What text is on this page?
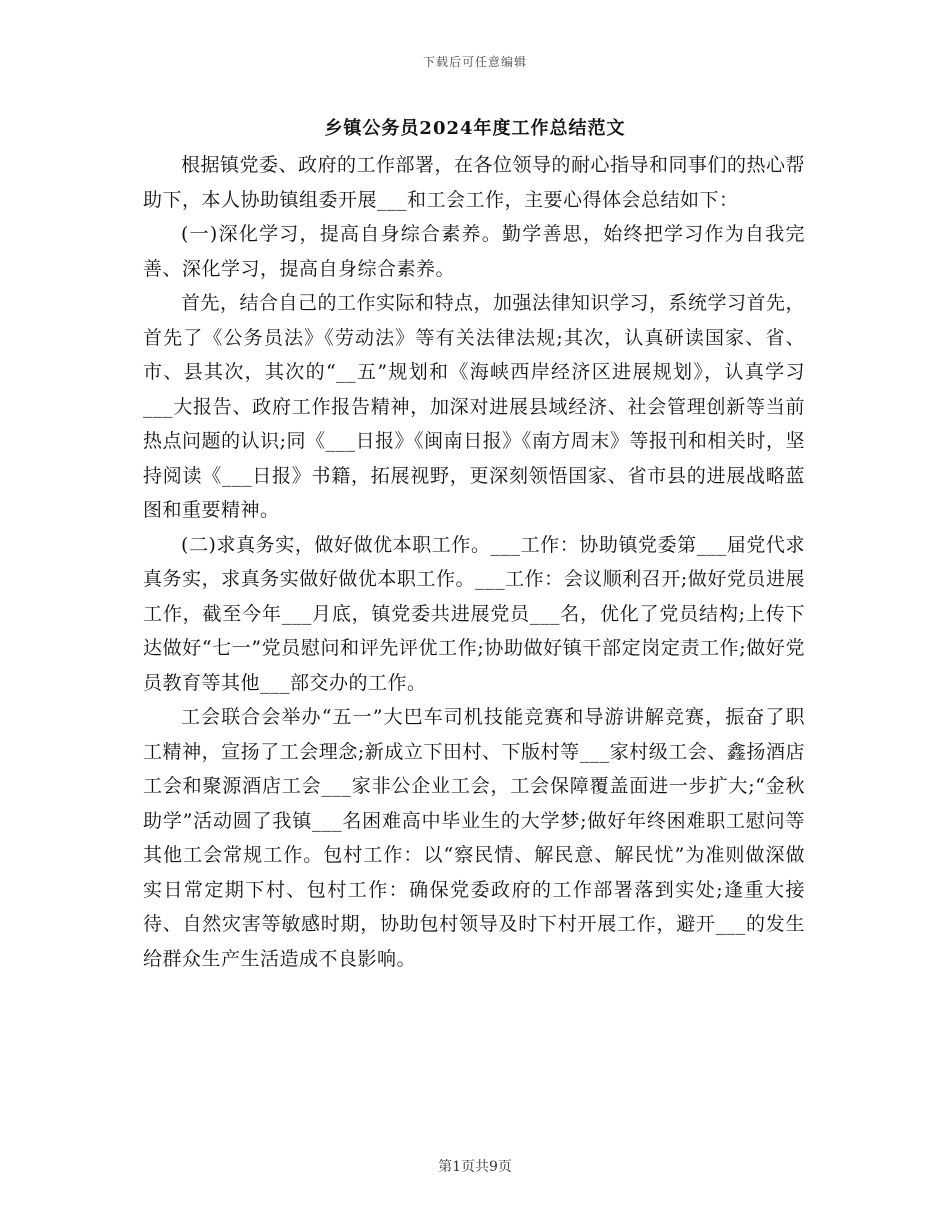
下载后可任意编辑
乡镇公务员2024年度工作总结范文

根据镇党委、政府的工作部署，在各位领导的耐心指导和同事们的热心帮助下，本人协助镇组委开展___和工会工作，主要心得体会总结如下：

(一)深化学习，提高自身综合素养。勤学善思，始终把学习作为自我完善、深化学习，提高自身综合素养。

首先，结合自己的工作实际和特点，加强法律知识学习，系统学习首先，首先了《公务员法》《劳动法》等有关法律法规;其次，认真研读国家、省、市、县其次，其次的“__五”规划和《海峡西岸经济区进展规划》，认真学习___大报告、政府工作报告精神，加深对进展县域经济、社会管理创新等当前热点问题的认识;同《___日报》《闽南日报》《南方周末》等报刊和相关时，坚持阅读《___日报》书籍，拓展视野，更深刻领悟国家、省市县的进展战略蓝图和重要精神。

(二)求真务实，做好做优本职工作。___工作：协助镇党委第___届党代求真务实，求真务实做好做优本职工作。___工作：会议顺利召开;做好党员进展工作，截至今年___月底，镇党委共进展党员___名，优化了党员结构;上传下达做好“七一”党员慰问和评先评优工作;协助做好镇干部定岗定责工作;做好党员教育等其他___部交办的工作。

工会联合会举办“五一”大巴车司机技能竞赛和导游讲解竞赛，振奋了职工精神，宣扬了工会理念;新成立下田村、下版村等___家村级工会、鑫扬酒店工会和聚源酒店工会___家非公企业工会，工会保障覆盖面进一步扩大;“金秋助学”活动圆了我镇___名困难高中毕业生的大学梦;做好年终困难职工慰问等其他工会常规工作。包村工作：以“察民情、解民意、解民忧”为准则做深做实日常定期下村、包村工作：确保党委政府的工作部署落到实处;逢重大接待、自然灾害等敏感时期，协助包村领导及时下村开展工作，避开___的发生给群众生产生活造成不良影响。

第1页共9页
